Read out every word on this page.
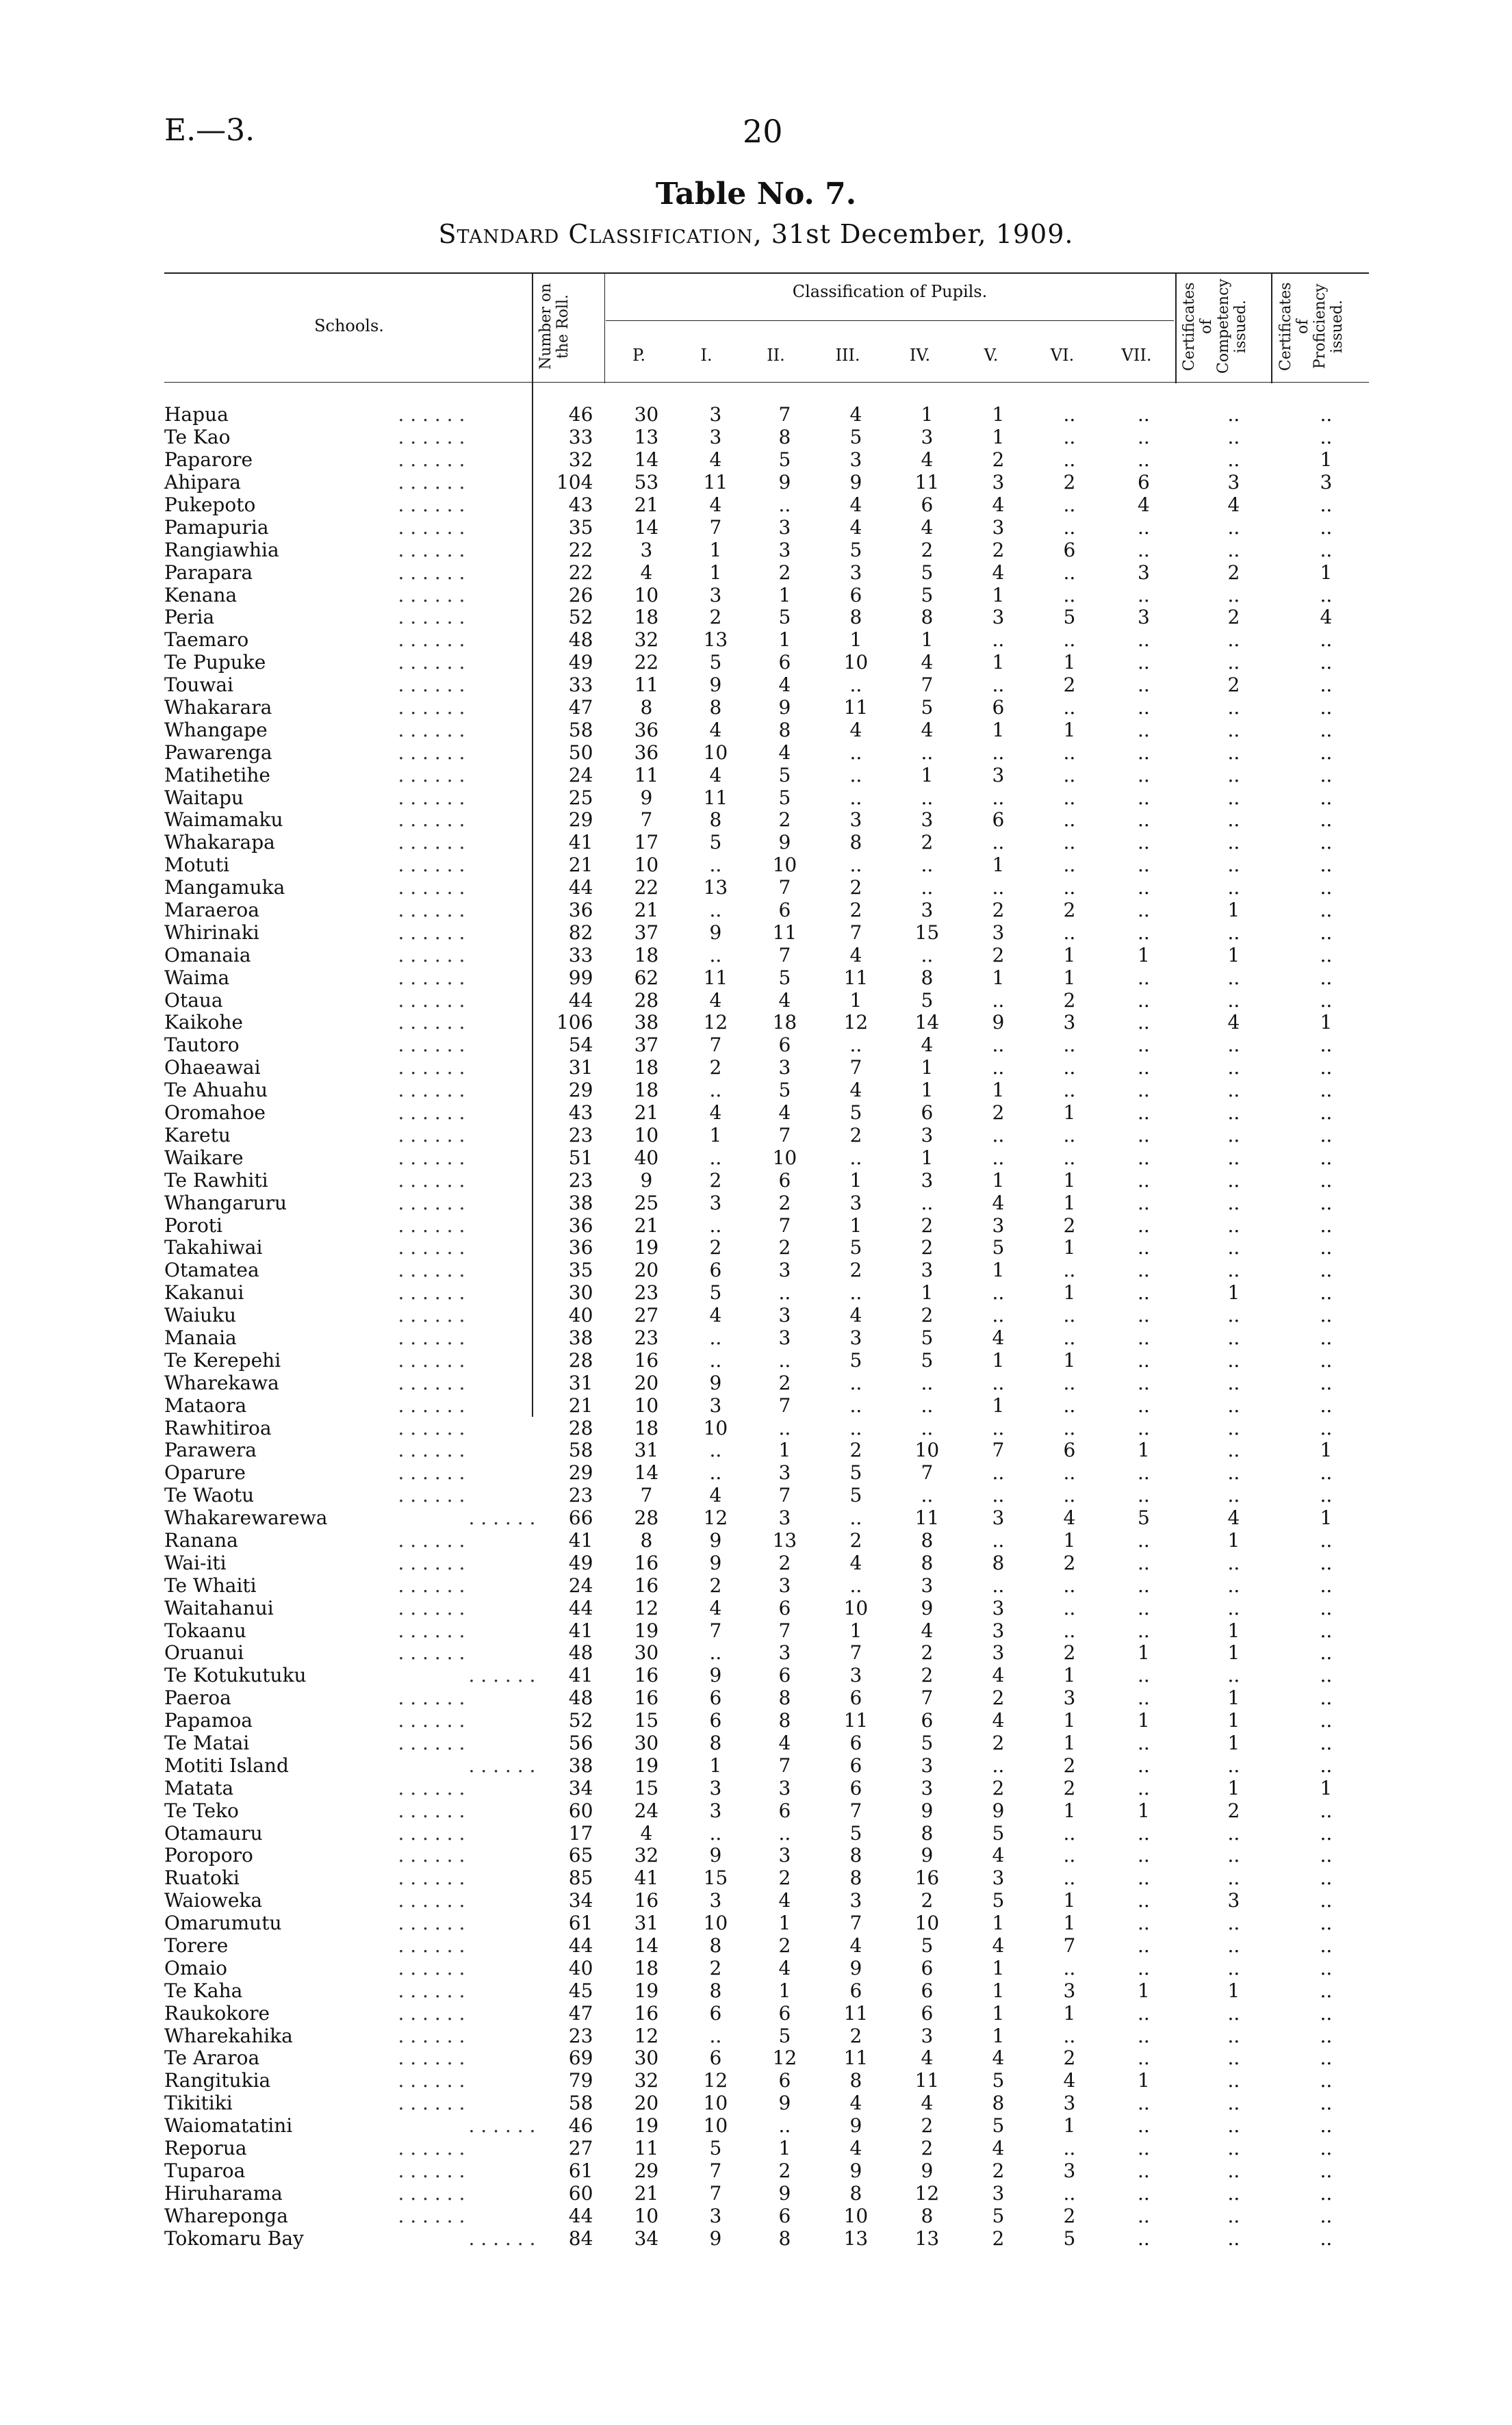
E.—3.	20
Table No. 7.
Standard Classification, 31st December, 1909.
Schools.	Number on the Roll.
Classification of Pupils.	Certificates of Competency issued.	Certificates of Proficiency issued.
P.	I.	II.	III.	IV.	V.	VI.	VII.
Hapua	. . . . . .	46	30	3	7	4	1	1	..	..	..	..
Te Kao	. . . . . .	33	13	3	8	5	3	1	..	..	..	..
Paparore	. . . . . .	32	14	4	5	3	4	2	..	..	..	1
Ahipara	. . . . . .	104	53	11	9	9	11	3	2	6	3	3
Pukepoto	. . . . . .	43	21	4	..	4	6	4	..	4	4	..
Pamapuria	. . . . . .	35	14	7	3	4	4	3	..	..	..	..
Rangiawhia	. . . . . .	22	3	1	3	5	2	2	6	..	..	..
Parapara	. . . . . .	22	4	1	2	3	5	4	..	3	2	1
Kenana	. . . . . .	26	10	3	1	6	5	1	..	..	..	..
Peria	. . . . . .	52	18	2	5	8	8	3	5	3	2	4
Taemaro	. . . . . .	48	32	13	1	1	1	..	..	..	..	..
Te Pupuke	. . . . . .	49	22	5	6	10	4	1	1	..	..	..
Touwai	. . . . . .	33	11	9	4	..	7	..	2	..	2	..
Whakarara	. . . . . .	47	8	8	9	11	5	6	..	..	..	..
Whangape	. . . . . .	58	36	4	8	4	4	1	1	..	..	..
Pawarenga	. . . . . .	50	36	10	4	..	..	..	..	..	..	..
Matihetihe	. . . . . .	24	11	4	5	..	1	3	..	..	..	..
Waitapu	. . . . . .	25	9	11	5	..	..	..	..	..	..	..
Waimamaku	. . . . . .	29	7	8	2	3	3	6	..	..	..	..
Whakarapa	. . . . . .	41	17	5	9	8	2	..	..	..	..	..
Motuti	. . . . . .	21	10	..	10	..	..	1	..	..	..	..
Mangamuka	. . . . . .	44	22	13	7	2	..	..	..	..	..	..
Maraeroa	. . . . . .	36	21	..	6	2	3	2	2	..	1	..
Whirinaki	. . . . . .	82	37	9	11	7	15	3	..	..	..	..
Omanaia	. . . . . .	33	18	..	7	4	..	2	1	1	1	..
Waima	. . . . . .	99	62	11	5	11	8	1	1	..	..	..
Otaua	. . . . . .	44	28	4	4	1	5	..	2	..	..	..
Kaikohe	. . . . . .	106	38	12	18	12	14	9	3	..	4	1
Tautoro	. . . . . .	54	37	7	6	..	4	..	..	..	..	..
Ohaeawai	. . . . . .	31	18	2	3	7	1	..	..	..	..	..
Te Ahuahu	. . . . . .	29	18	..	5	4	1	1	..	..	..	..
Oromahoe	. . . . . .	43	21	4	4	5	6	2	1	..	..	..
Karetu	. . . . . .	23	10	1	7	2	3	..	..	..	..	..
Waikare	. . . . . .	51	40	..	10	..	1	..	..	..	..	..
Te Rawhiti	. . . . . .	23	9	2	6	1	3	1	1	..	..	..
Whangaruru	. . . . . .	38	25	3	2	3	..	4	1	..	..	..
Poroti	. . . . . .	36	21	..	7	1	2	3	2	..	..	..
Takahiwai	. . . . . .	36	19	2	2	5	2	5	1	..	..	..
Otamatea	. . . . . .	35	20	6	3	2	3	1	..	..	..	..
Kakanui	. . . . . .	30	23	5	..	..	1	..	1	..	1	..
Waiuku	. . . . . .	40	27	4	3	4	2	..	..	..	..	..
Manaia	. . . . . .	38	23	..	3	3	5	4	..	..	..	..
Te Kerepehi	. . . . . .	28	16	..	..	5	5	1	1	..	..	..
Wharekawa	. . . . . .	31	20	9	2	..	..	..	..	..	..	..
Mataora	. . . . . .	21	10	3	7	..	..	1	..	..	..	..
Rawhitiroa	. . . . . .	28	18	10	..	..	..	..	..	..	..	..
Parawera	. . . . . .	58	31	..	1	2	10	7	6	1	..	1
Oparure	. . . . . .	29	14	..	3	5	7	..	..	..	..	..
Te Waotu	. . . . . .	23	7	4	7	5	..	..	..	..	..	..
Whakarewarewa	. . . . . .	66	28	12	3	..	11	3	4	5	4	1
Ranana	. . . . . .	41	8	9	13	2	8	..	1	..	1	..
Wai-iti	. . . . . .	49	16	9	2	4	8	8	2	..	..	..
Te Whaiti	. . . . . .	24	16	2	3	..	3	..	..	..	..	..
Waitahanui	. . . . . .	44	12	4	6	10	9	3	..	..	..	..
Tokaanu	. . . . . .	41	19	7	7	1	4	3	..	..	1	..
Oruanui	. . . . . .	48	30	..	3	7	2	3	2	1	1	..
Te Kotukutuku	. . . . . .	41	16	9	6	3	2	4	1	..	..	..
Paeroa	. . . . . .	48	16	6	8	6	7	2	3	..	1	..
Papamoa	. . . . . .	52	15	6	8	11	6	4	1	1	1	..
Te Matai	. . . . . .	56	30	8	4	6	5	2	1	..	1	..
Motiti Island	. . . . . .	38	19	1	7	6	3	..	2	..	..	..
Matata	. . . . . .	34	15	3	3	6	3	2	2	..	1	1
Te Teko	. . . . . .	60	24	3	6	7	9	9	1	1	2	..
Otamauru	. . . . . .	17	4	..	..	5	8	5	..	..	..	..
Poroporo	. . . . . .	65	32	9	3	8	9	4	..	..	..	..
Ruatoki	. . . . . .	85	41	15	2	8	16	3	..	..	..	..
Waioweka	. . . . . .	34	16	3	4	3	2	5	1	..	3	..
Omarumutu	. . . . . .	61	31	10	1	7	10	1	1	..	..	..
Torere	. . . . . .	44	14	8	2	4	5	4	7	..	..	..
Omaio	. . . . . .	40	18	2	4	9	6	1	..	..	..	..
Te Kaha	. . . . . .	45	19	8	1	6	6	1	3	1	1	..
Raukokore	. . . . . .	47	16	6	6	11	6	1	1	..	..	..
Wharekahika	. . . . . .	23	12	..	5	2	3	1	..	..	..	..
Te Araroa	. . . . . .	69	30	6	12	11	4	4	2	..	..	..
Rangitukia	. . . . . .	79	32	12	6	8	11	5	4	1	..	..
Tikitiki	. . . . . .	58	20	10	9	4	4	8	3	..	..	..
Waiomatatini	. . . . . .	46	19	10	..	9	2	5	1	..	..	..
Reporua	. . . . . .	27	11	5	1	4	2	4	..	..	..	..
Tuparoa	. . . . . .	61	29	7	2	9	9	2	3	..	..	..
Hiruharama	. . . . . .	60	21	7	9	8	12	3	..	..	..	..
Whareponga	. . . . . .	44	10	3	6	10	8	5	2	..	..	..
Tokomaru Bay	. . . . . .	84	34	9	8	13	13	2	5	..	..	..
